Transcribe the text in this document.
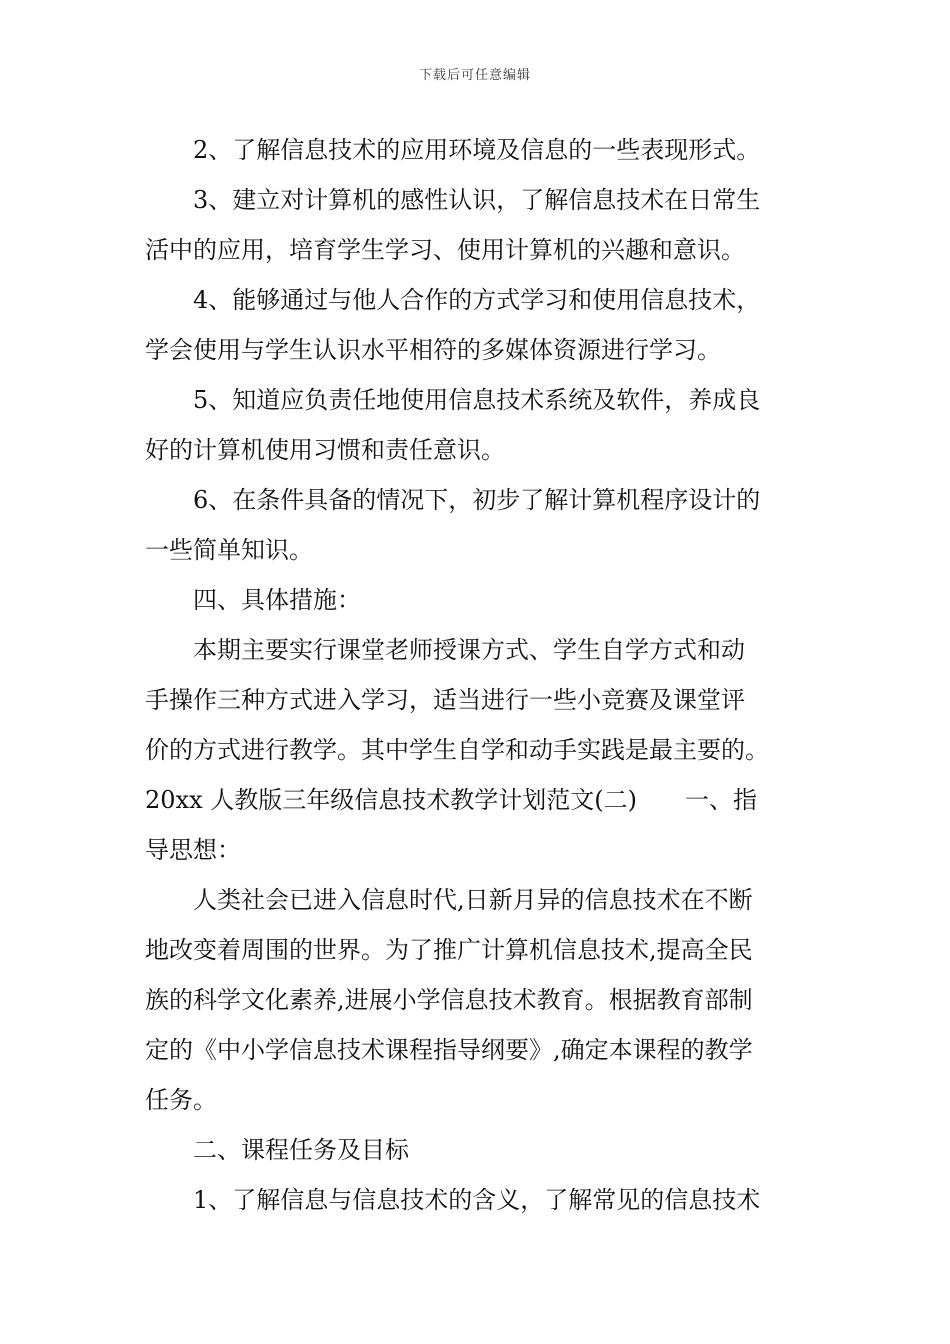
下载后可任意编辑

2、了解信息技术的应用环境及信息的一些表现形式。

3、建立对计算机的感性认识，了解信息技术在日常生
活中的应用，培育学生学习、使用计算机的兴趣和意识。

4、能够通过与他人合作的方式学习和使用信息技术，
学会使用与学生认识水平相符的多媒体资源进行学习。

5、知道应负责任地使用信息技术系统及软件，养成良
好的计算机使用习惯和责任意识。

6、在条件具备的情况下，初步了解计算机程序设计的
一些简单知识。

四、具体措施：

本期主要实行课堂老师授课方式、学生自学方式和动
手操作三种方式进入学习，适当进行一些小竞赛及课堂评
价的方式进行教学。其中学生自学和动手实践是最主要的。

20xx 人教版三年级信息技术教学计划范文(二)　　一、指
导思想：

人类社会已进入信息时代,日新月异的信息技术在不断
地改变着周围的世界。为了推广计算机信息技术,提高全民
族的科学文化素养,进展小学信息技术教育。根据教育部制
定的《中小学信息技术课程指导纲要》,确定本课程的教学
任务。

二、课程任务及目标

1、了解信息与信息技术的含义，了解常见的信息技术
